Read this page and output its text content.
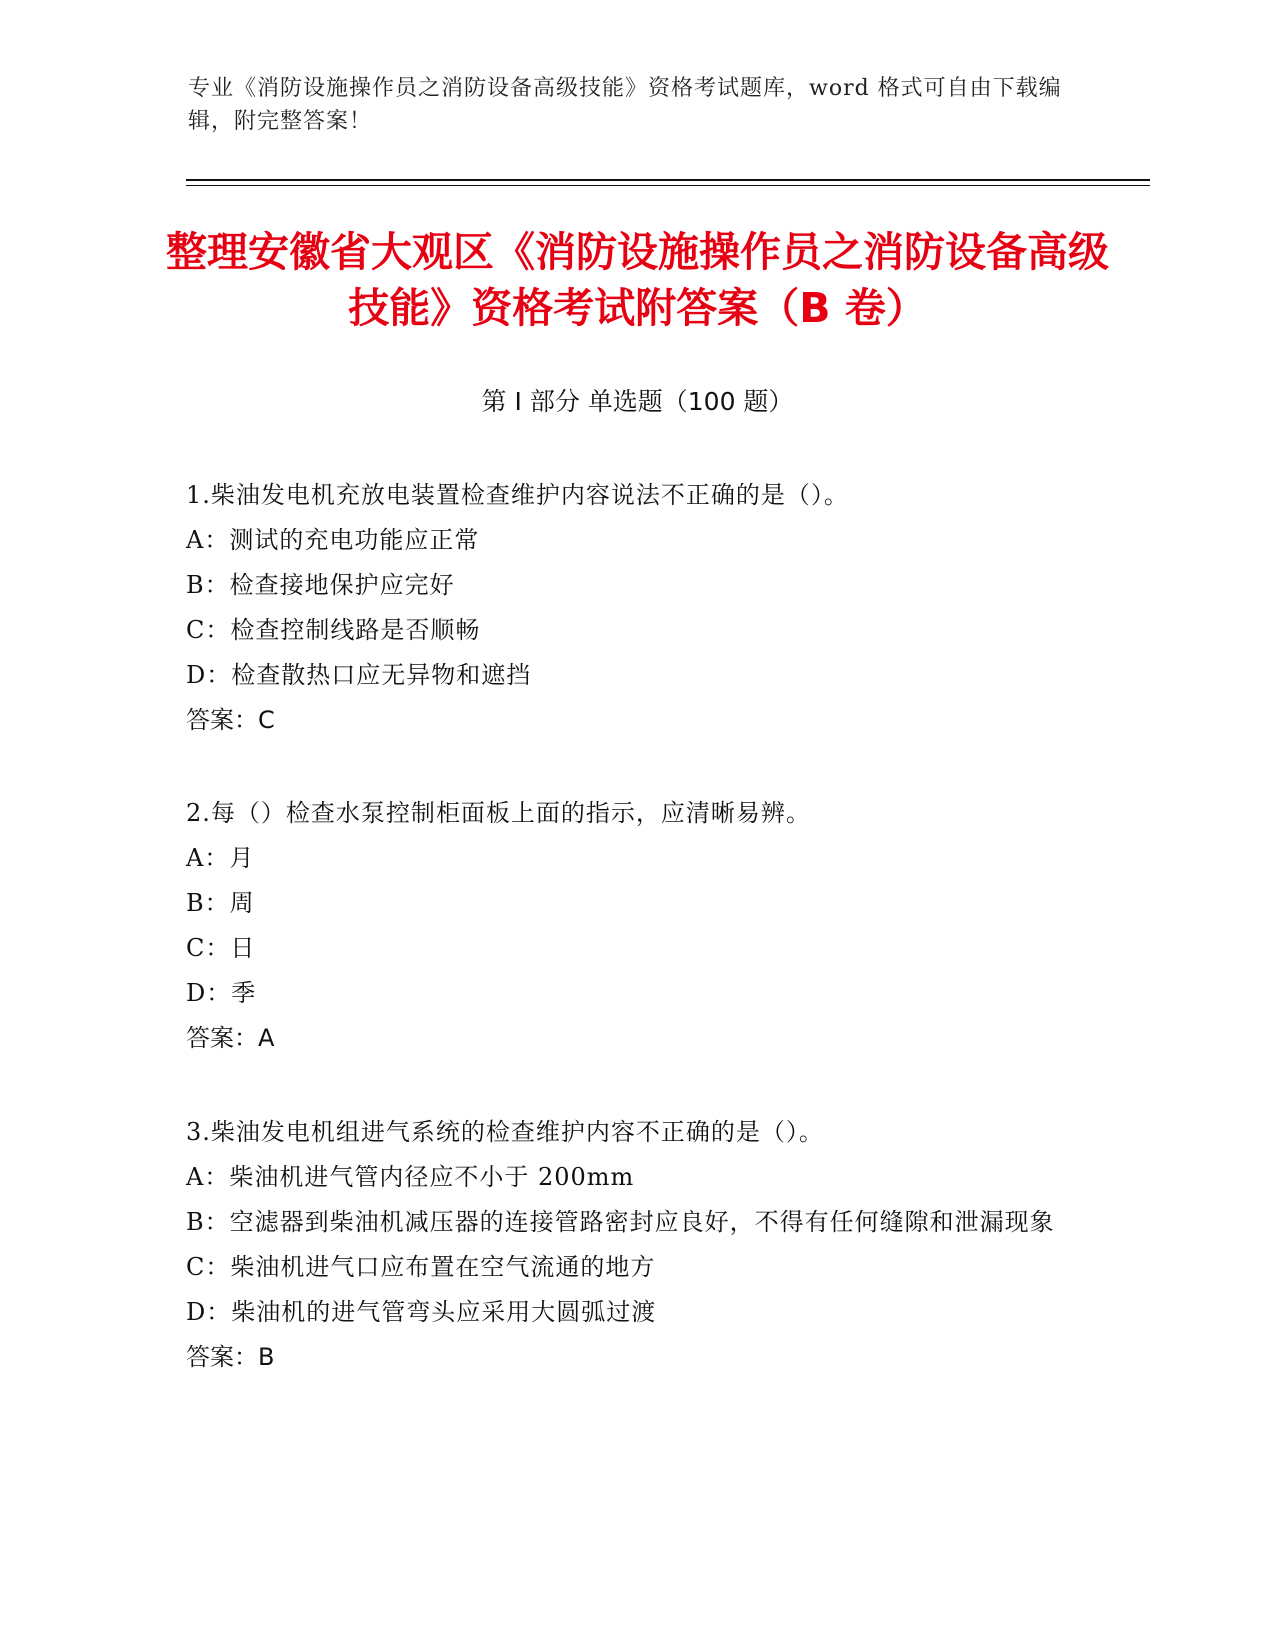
专业《消防设施操作员之消防设备高级技能》资格考试题库，word 格式可自由下载编辑，附完整答案！
整理安徽省大观区《消防设施操作员之消防设备高级技能》资格考试附答案（B 卷）
第 I 部分 单选题（100 题）

1.柴油发电机充放电装置检查维护内容说法不正确的是（）。

A：测试的充电功能应正常

B：检查接地保护应完好

C：检查控制线路是否顺畅

D：检查散热口应无异物和遮挡

答案：C

2.每（）检查水泵控制柜面板上面的指示，应清晰易辨。

A：月

B：周

C：日

D：季

答案：A

3.柴油发电机组进气系统的检查维护内容不正确的是（）。

A：柴油机进气管内径应不小于 200mm

B：空滤器到柴油机减压器的连接管路密封应良好，不得有任何缝隙和泄漏现象

C：柴油机进气口应布置在空气流通的地方

D：柴油机的进气管弯头应采用大圆弧过渡

答案：B
